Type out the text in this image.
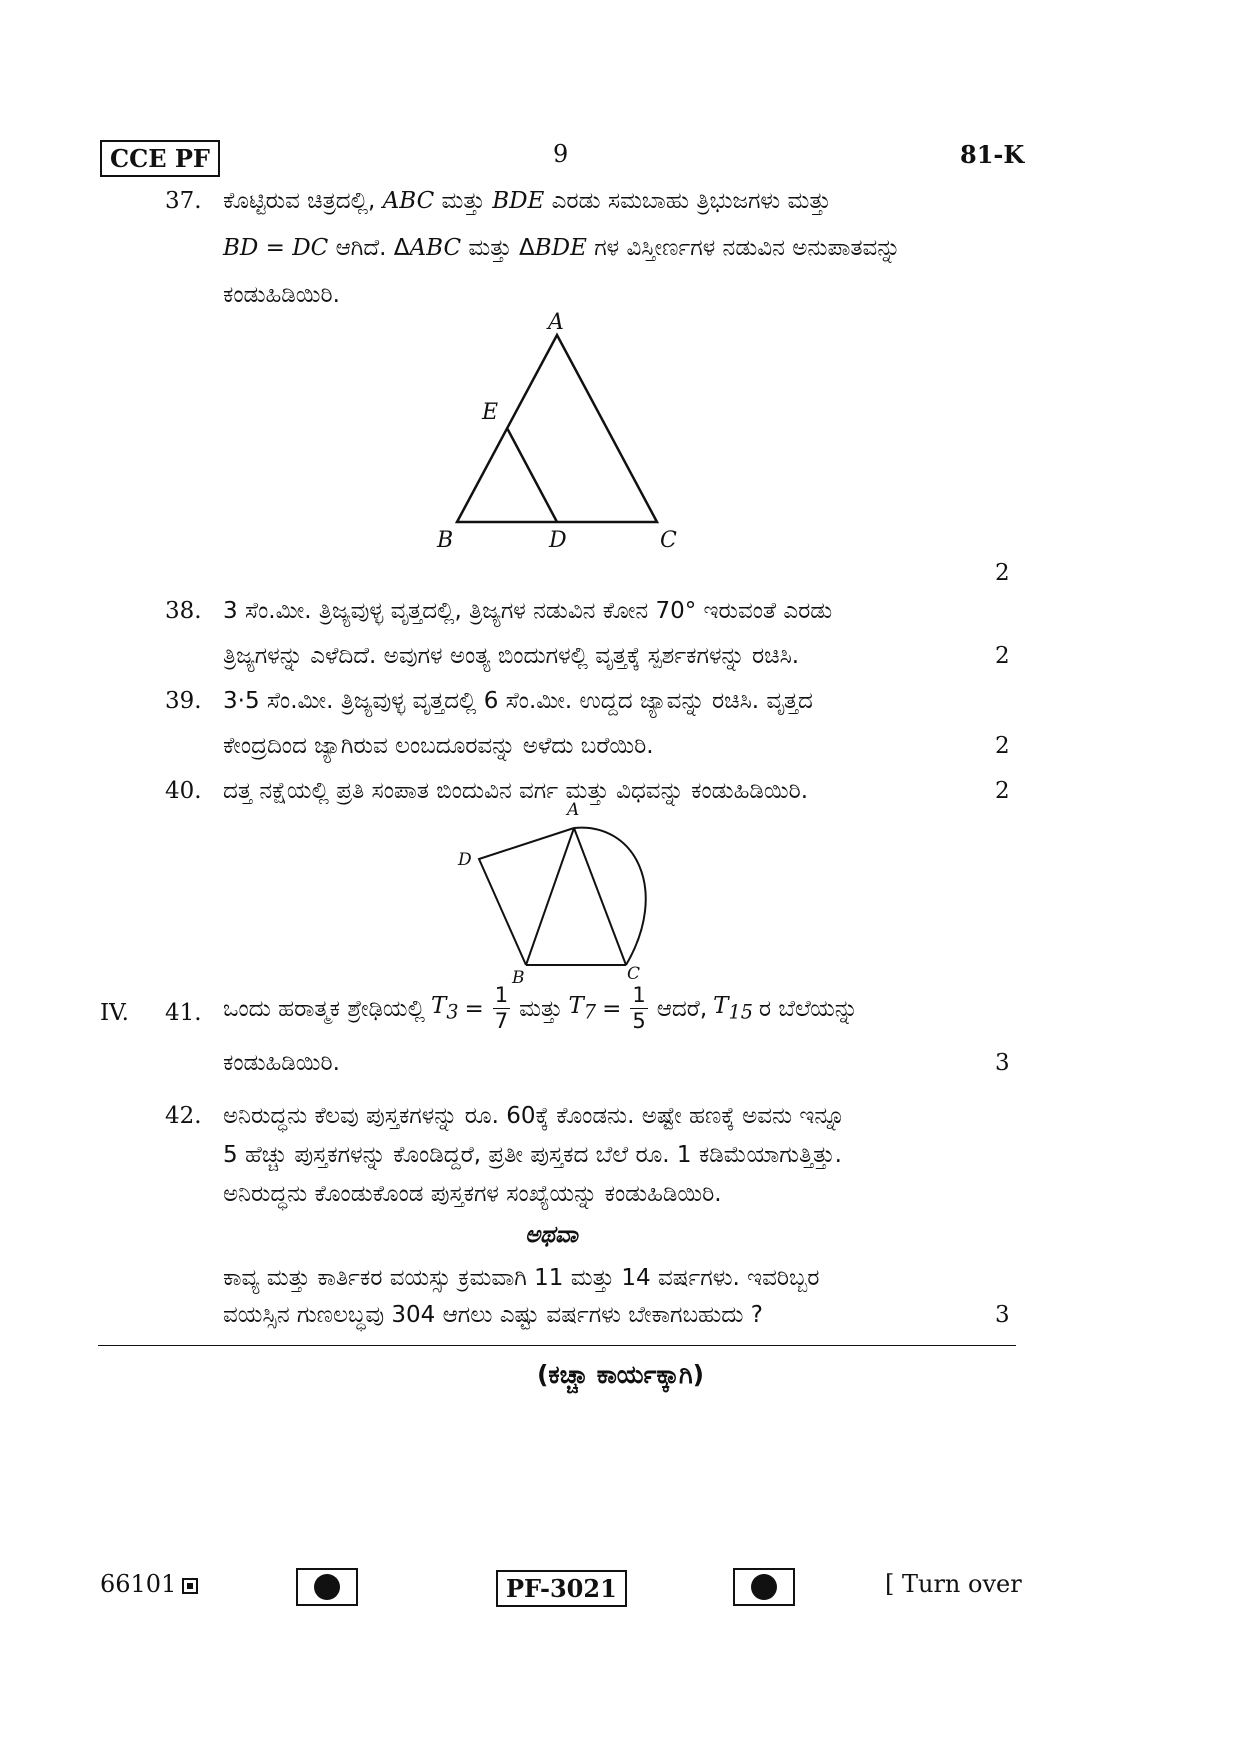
CCE PF	9	81-K
37. ಕೊಟ್ಟಿರುವ ಚಿತ್ರದಲ್ಲಿ, ABC ಮತ್ತು BDE ಎರಡು ಸಮಬಾಹು ತ್ರಿಭುಜಗಳು ಮತ್ತು
BD = DC ಆಗಿದೆ. ΔABC ಮತ್ತು ΔBDE ಗಳ ವಿಸ್ತೀರ್ಣಗಳ ನಡುವಿನ ಅನುಪಾತವನ್ನು
ಕಂಡುಹಿಡಿಯಿರಿ.
A
E
B	D	C
2
38. 3 ಸೆಂ.ಮೀ. ತ್ರಿಜ್ಯವುಳ್ಳ ವೃತ್ತದಲ್ಲಿ, ತ್ರಿಜ್ಯಗಳ ನಡುವಿನ ಕೋನ 70° ಇರುವಂತೆ ಎರಡು
ತ್ರಿಜ್ಯಗಳನ್ನು ಎಳೆದಿದೆ. ಅವುಗಳ ಅಂತ್ಯ ಬಿಂದುಗಳಲ್ಲಿ ವೃತ್ತಕ್ಕೆ ಸ್ಪರ್ಶಕಗಳನ್ನು ರಚಿಸಿ.	2
39. 3·5 ಸೆಂ.ಮೀ. ತ್ರಿಜ್ಯವುಳ್ಳ ವೃತ್ತದಲ್ಲಿ 6 ಸೆಂ.ಮೀ. ಉದ್ದದ ಜ್ಯಾವನ್ನು ರಚಿಸಿ. ವೃತ್ತದ
ಕೇಂದ್ರದಿಂದ ಜ್ಯಾಗಿರುವ ಲಂಬದೂರವನ್ನು ಅಳೆದು ಬರೆಯಿರಿ.	2
40. ದತ್ತ ನಕ್ಷೆಯಲ್ಲಿ ಪ್ರತಿ ಸಂಪಾತ ಬಿಂದುವಿನ ವರ್ಗ ಮತ್ತು ವಿಧವನ್ನು ಕಂಡುಹಿಡಿಯಿರಿ.	2
A
D
B	C
IV. 41. ಒಂದು ಹರಾತ್ಮಕ ಶ್ರೇಢಿಯಲ್ಲಿ $T_3 = \frac{1}{7}$ ಮತ್ತು $T_7 = \frac{1}{5}$ ಆದರೆ, $T_{15}$ ರ ಬೆಲೆಯನ್ನು
ಕಂಡುಹಿಡಿಯಿರಿ.	3
42. ಅನಿರುದ್ಧನು ಕೆಲವು ಪುಸ್ತಕಗಳನ್ನು ರೂ. 60ಕ್ಕೆ ಕೊಂಡನು. ಅಷ್ಟೇ ಹಣಕ್ಕೆ ಅವನು ಇನ್ನೂ
5 ಹೆಚ್ಚು ಪುಸ್ತಕಗಳನ್ನು ಕೊಂಡಿದ್ದರೆ, ಪ್ರತೀ ಪುಸ್ತಕದ ಬೆಲೆ ರೂ. 1 ಕಡಿಮೆಯಾಗುತ್ತಿತ್ತು.
ಅನಿರುದ್ಧನು ಕೊಂಡುಕೊಂಡ ಪುಸ್ತಕಗಳ ಸಂಖ್ಯೆಯನ್ನು ಕಂಡುಹಿಡಿಯಿರಿ.
ಅಥವಾ
ಕಾವ್ಯ ಮತ್ತು ಕಾರ್ತಿಕರ ವಯಸ್ಸು ಕ್ರಮವಾಗಿ 11 ಮತ್ತು 14 ವರ್ಷಗಳು. ಇವರಿಬ್ಬರ
ವಯಸ್ಸಿನ ಗುಣಲಬ್ಧವು 304 ಆಗಲು ಎಷ್ಟು ವರ್ಷಗಳು ಬೇಕಾಗಬಹುದು ?	3
(ಕಚ್ಚಾ ಕಾರ್ಯಕ್ಕಾಗಿ)
66101	PF-3021	[ Turn over
